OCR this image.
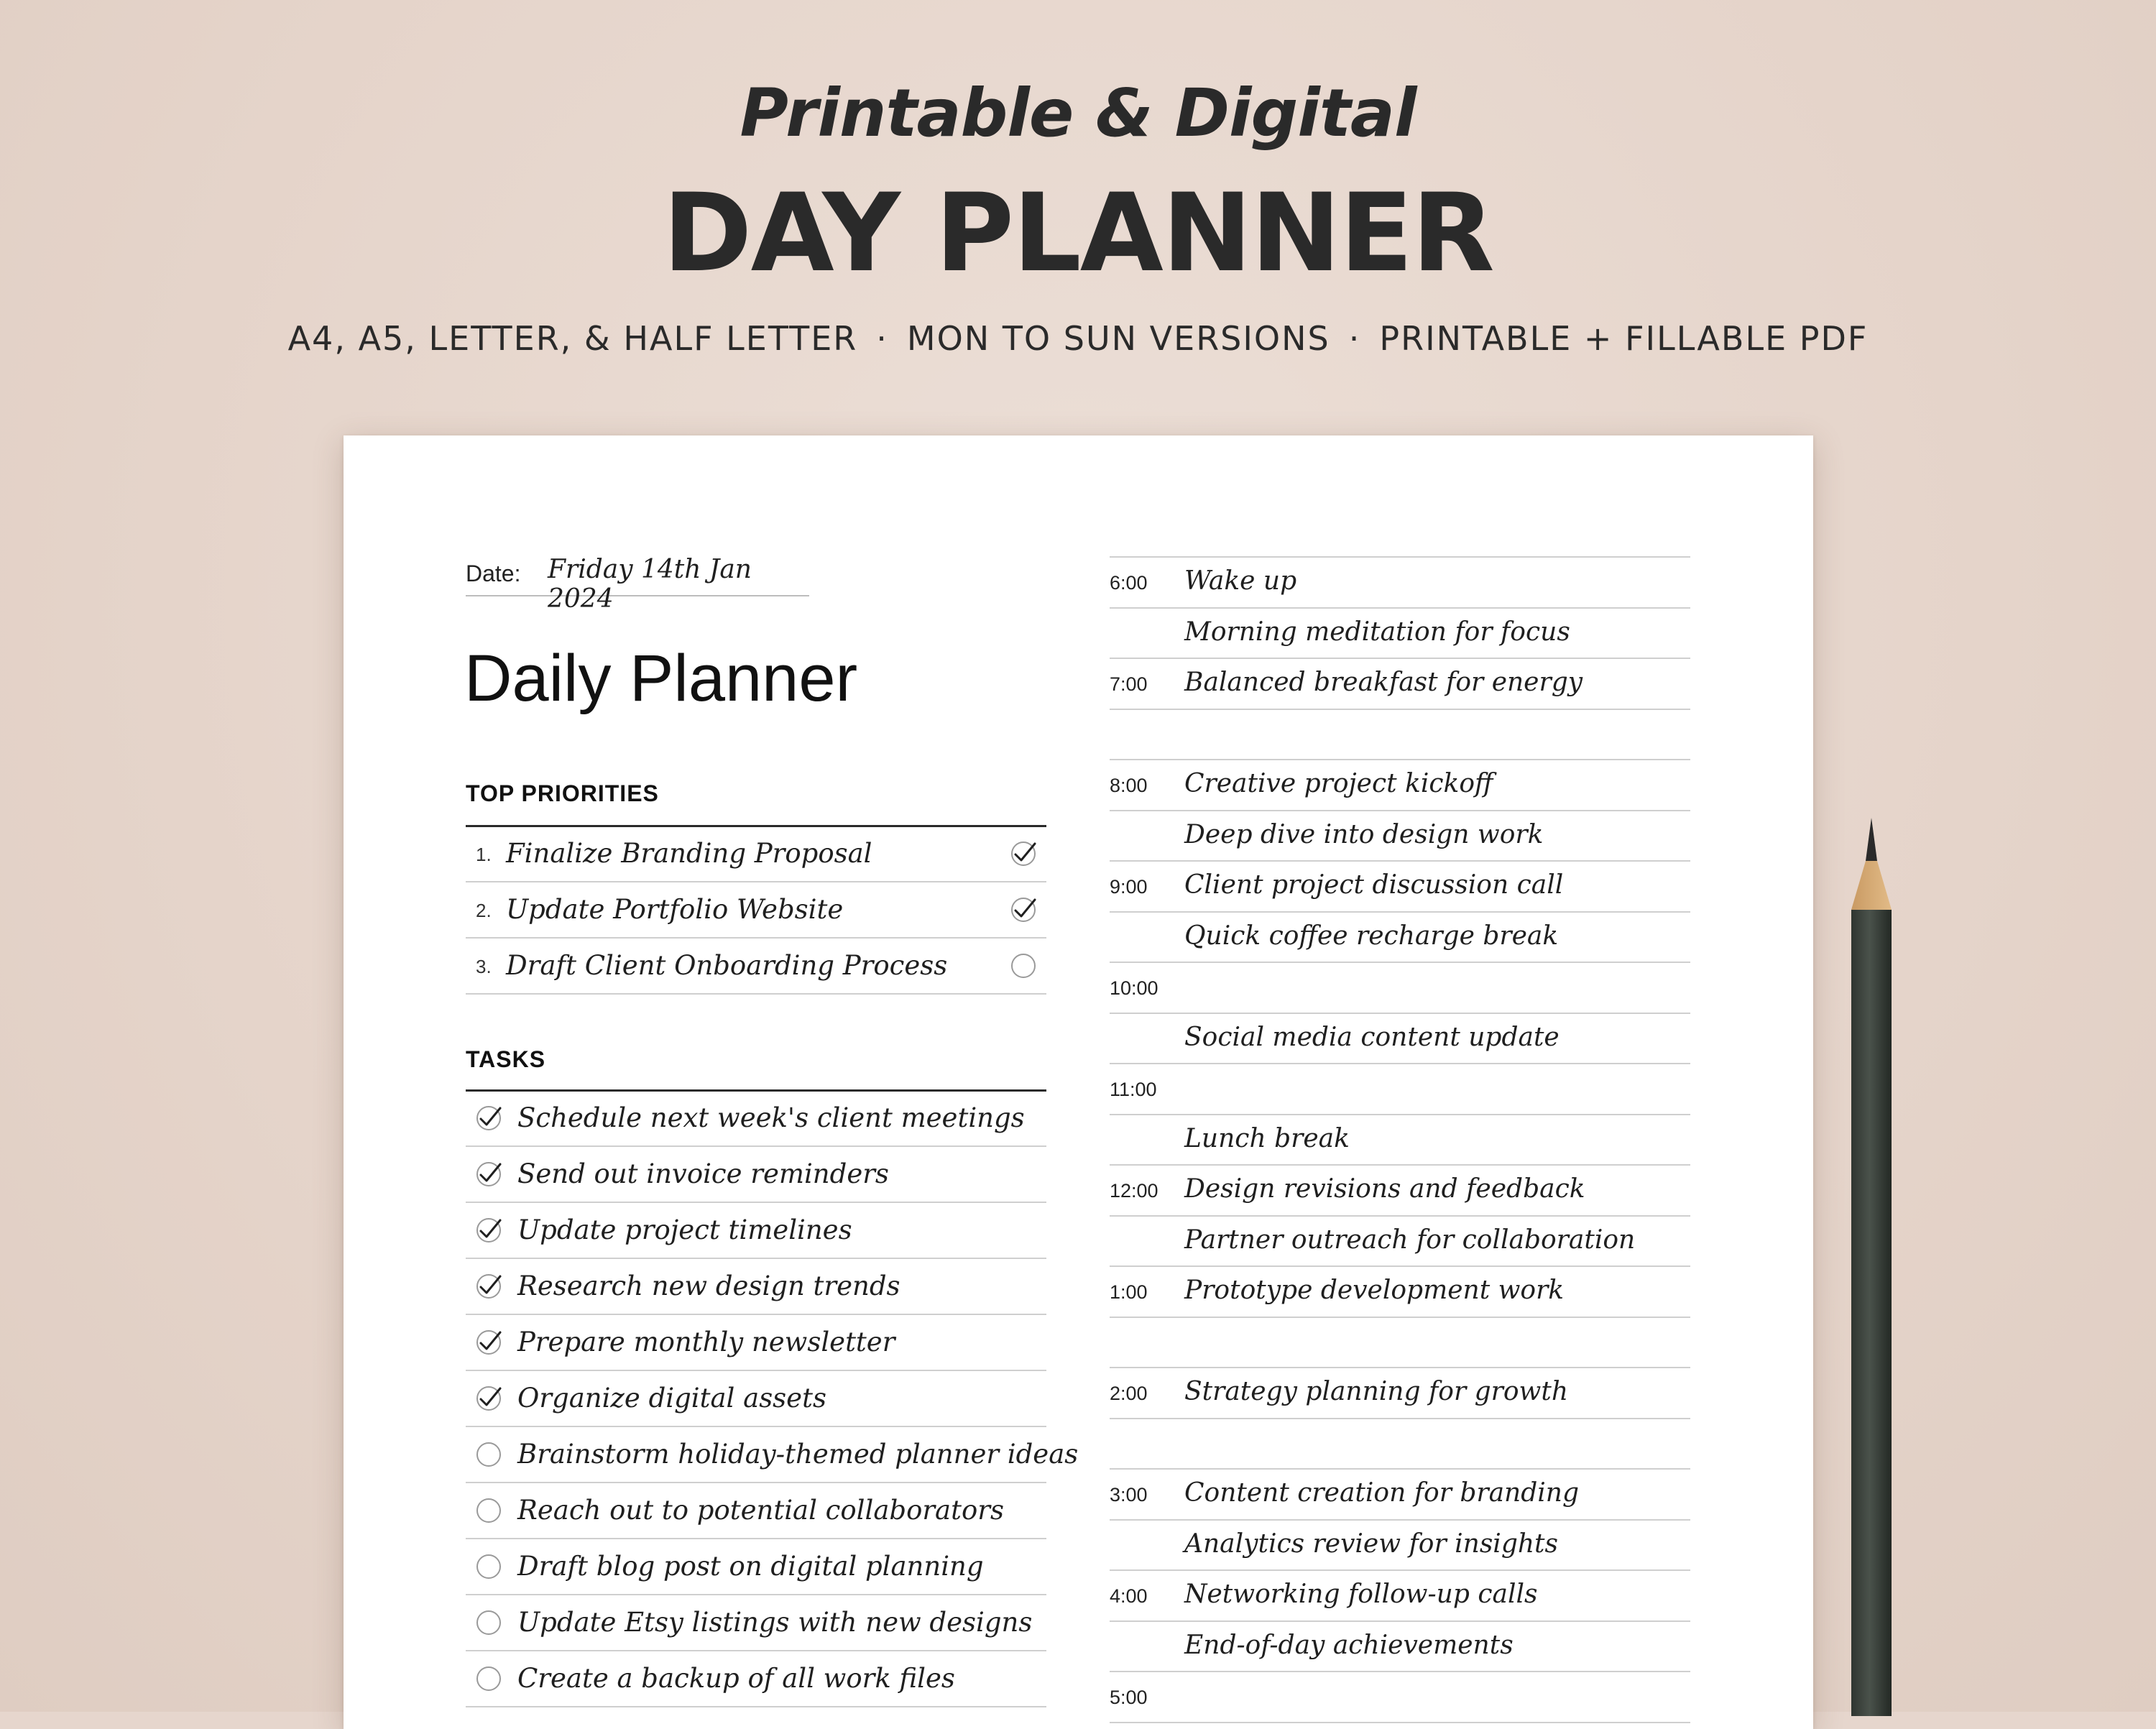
Printable & Digital
DAY PLANNER
A4, A5, LETTER, & HALF LETTER · MON TO SUN VERSIONS · PRINTABLE + FILLABLE PDF
Date: Friday 14th Jan 2024
Daily Planner
TOP PRIORITIES
1. Finalize Branding Proposal
2. Update Portfolio Website
3. Draft Client Onboarding Process
TASKS
Schedule next week's client meetings
Send out invoice reminders
Update project timelines
Research new design trends
Prepare monthly newsletter
Organize digital assets
Brainstorm holiday-themed planner ideas
Reach out to potential collaborators
Draft blog post on digital planning
Update Etsy listings with new designs
Create a backup of all work files
6:00 Wake up
Morning meditation for focus
7:00 Balanced breakfast for energy
8:00 Creative project kickoff
Deep dive into design work
9:00 Client project discussion call
Quick coffee recharge break
10:00
Social media content update
11:00
Lunch break
12:00 Design revisions and feedback
Partner outreach for collaboration
1:00 Prototype development work
2:00 Strategy planning for growth
3:00 Content creation for branding
Analytics review for insights
4:00 Networking follow-up calls
End-of-day achievements
5:00
